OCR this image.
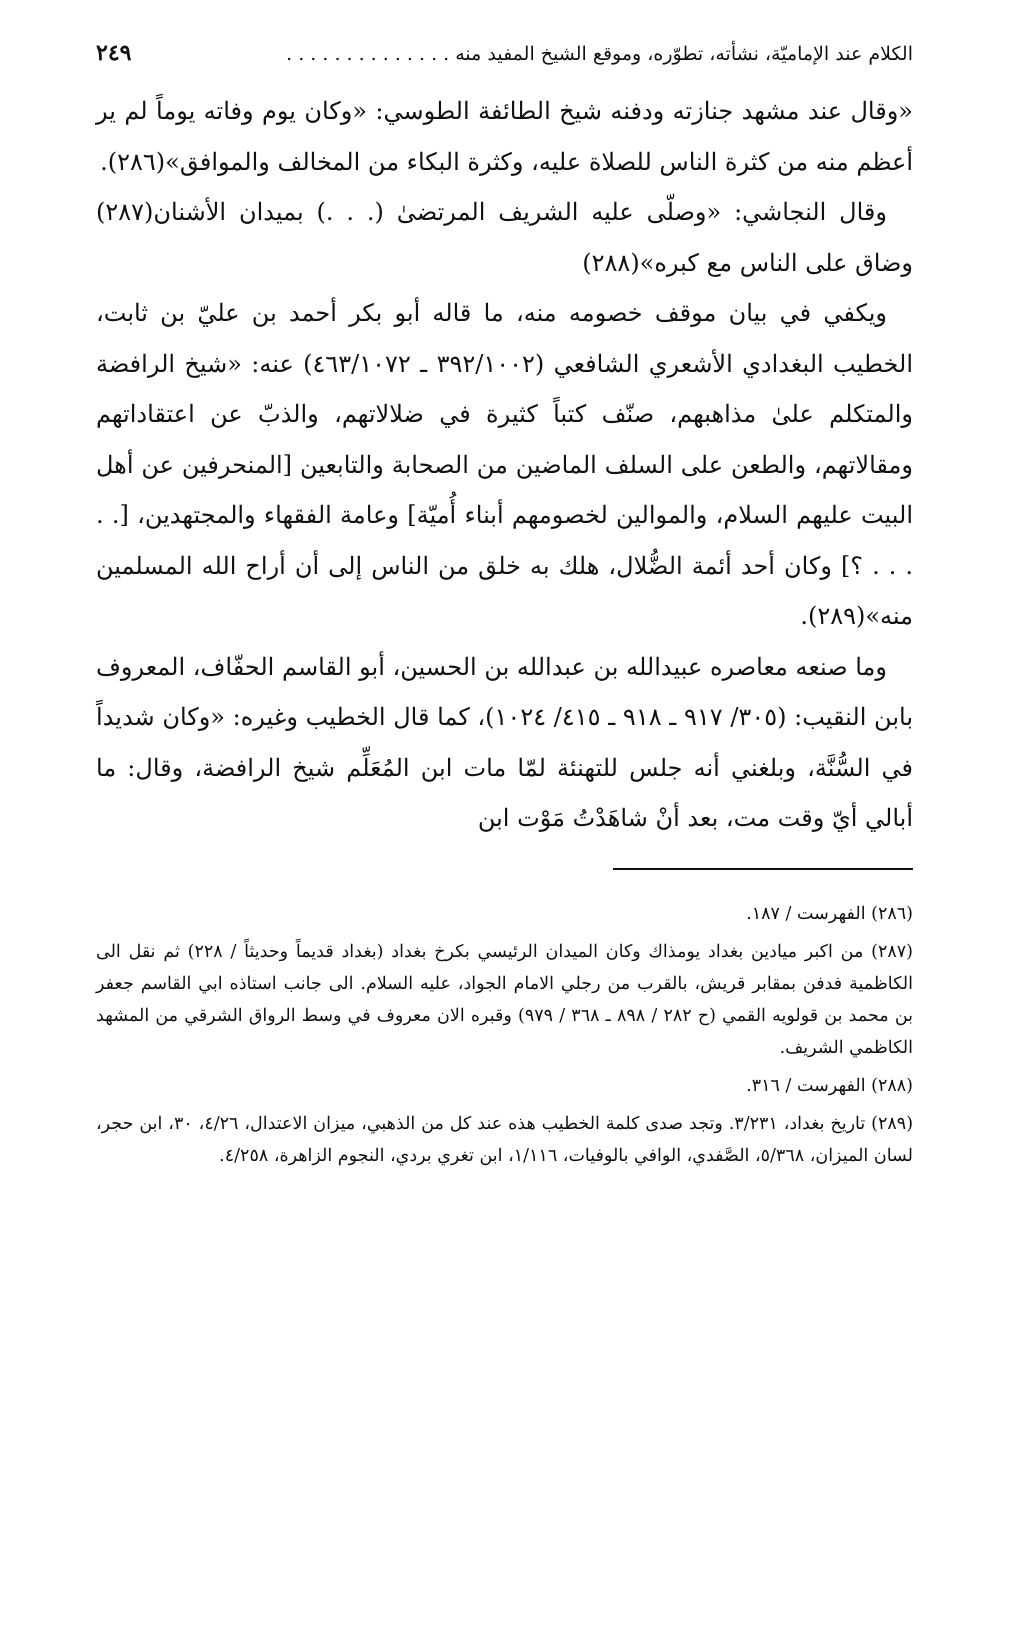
الكلام عند الإماميّة، نشأته، تطوّره، وموقع الشيخ المفيد منه . . . . . . . . . . . . . .
٢٤٩

«وقال عند مشهد جنازته ودفنه شيخ الطائفة الطوسي: «وكان يوم وفاته يوماً لم ير أعظم منه من كثرة الناس للصلاة عليه، وكثرة البكاء من المخالف والموافق»(٢٨٦).

وقال النجاشي: «وصلّى عليه الشريف المرتضىٰ (. . .) بميدان الأشنان(٢٨٧) وضاق على الناس مع كبره»(٢٨٨)

ويكفي في بيان موقف خصومه منه، ما قاله أبو بكر أحمد بن عليّ بن ثابت، الخطيب البغدادي الأشعري الشافعي (٣٩٢/١٠٠٢ ـ ٤٦٣/١٠٧٢) عنه: «شيخ الرافضة والمتكلم علىٰ مذاهبهم، صنّف كتباً كثيرة في ضلالاتهم، والذبّ عن اعتقاداتهم ومقالاتهم، والطعن على السلف الماضين من الصحابة والتابعين [المنحرفين عن أهل البيت عليهم السلام، والموالين لخصومهم أبناء أُميّة] وعامة الفقهاء والمجتهدين، [. . . . . ؟] وكان أحد أئمة الضُّلال، هلك به خلق من الناس إلى أن أراح الله المسلمين منه»(٢٨٩).

وما صنعه معاصره عبيدالله بن عبدالله بن الحسين، أبو القاسم الحفّاف، المعروف بابن النقيب: (٣٠٥/ ٩١٧ ـ ٩١٨ ـ ٤١٥/ ١٠٢٤)، كما قال الخطيب وغيره: «وكان شديداً في السُّنَّة، وبلغني أنه جلس للتهنئة لمّا مات ابن المُعَلِّم شيخ الرافضة، وقال: ما أبالي أيّ وقت مت، بعد أنْ شاهَدْتُ مَوْت ابن

(٢٨٦) الفهرست / ١٨٧.

(٢٨٧) من اكبر ميادين بغداد يومذاك وكان الميدان الرئيسي بكرخ بغداد (بغداد قديماً وحديثاً / ٢٢٨) ثم نقل الى الكاظمية فدفن بمقابر قريش، بالقرب من رجلي الامام الجواد، عليه السلام. الى جانب استاذه ابي القاسم جعفر بن محمد بن قولويه القمي (ح ٢٨٢ / ٨٩٨ ـ ٣٦٨ / ٩٧٩) وقبره الان معروف في وسط الرواق الشرقي من المشهد الكاظمي الشريف.

(٢٨٨) الفهرست / ٣١٦.

(٢٨٩) تاريخ بغداد، ٣/٢٣١. وتجد صدى كلمة الخطيب هذه عند كل من الذهبي، ميزان الاعتدال، ٤/٢٦، ٣٠، ابن حجر، لسان الميزان، ٥/٣٦٨، الصَّفدي، الوافي بالوفيات، ١/١١٦، ابن تغري بردي، النجوم الزاهرة، ٤/٢٥٨.
